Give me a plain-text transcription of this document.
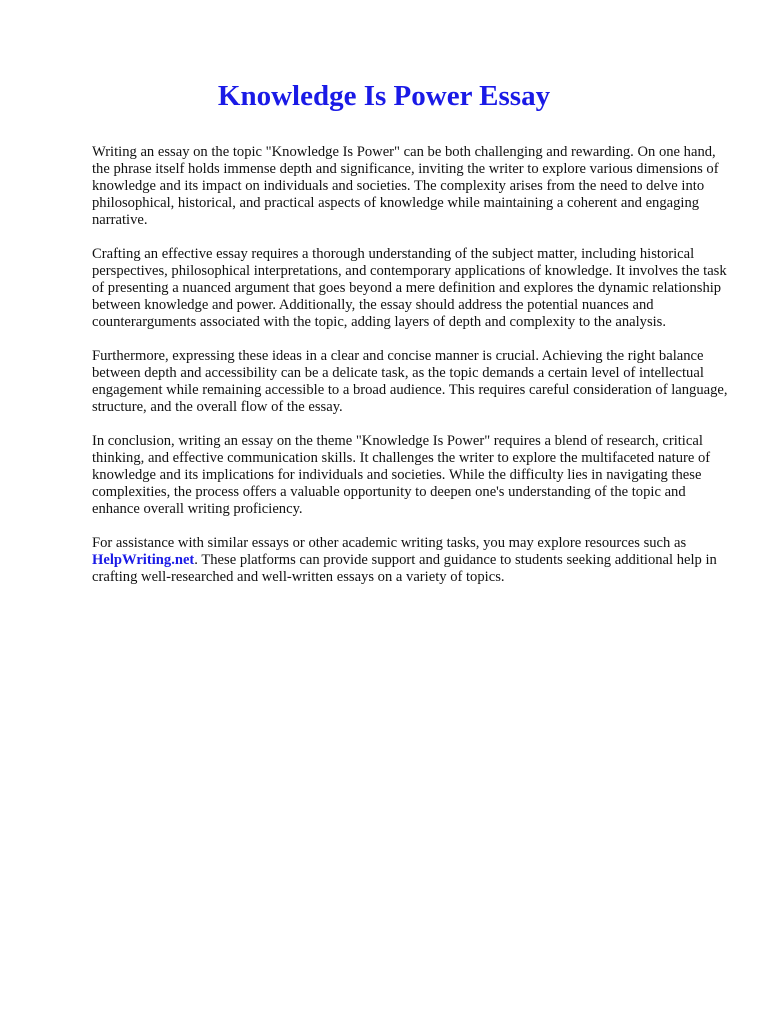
Knowledge Is Power Essay

Writing an essay on the topic "Knowledge Is Power" can be both challenging and rewarding. On one hand, the phrase itself holds immense depth and significance, inviting the writer to explore various dimensions of knowledge and its impact on individuals and societies. The complexity arises from the need to delve into philosophical, historical, and practical aspects of knowledge while maintaining a coherent and engaging narrative.

Crafting an effective essay requires a thorough understanding of the subject matter, including historical perspectives, philosophical interpretations, and contemporary applications of knowledge. It involves the task of presenting a nuanced argument that goes beyond a mere definition and explores the dynamic relationship between knowledge and power. Additionally, the essay should address the potential nuances and counterarguments associated with the topic, adding layers of depth and complexity to the analysis.

Furthermore, expressing these ideas in a clear and concise manner is crucial. Achieving the right balance between depth and accessibility can be a delicate task, as the topic demands a certain level of intellectual engagement while remaining accessible to a broad audience. This requires careful consideration of language, structure, and the overall flow of the essay.

In conclusion, writing an essay on the theme "Knowledge Is Power" requires a blend of research, critical thinking, and effective communication skills. It challenges the writer to explore the multifaceted nature of knowledge and its implications for individuals and societies. While the difficulty lies in navigating these complexities, the process offers a valuable opportunity to deepen one's understanding of the topic and enhance overall writing proficiency.

For assistance with similar essays or other academic writing tasks, you may explore resources such as HelpWriting.net. These platforms can provide support and guidance to students seeking additional help in crafting well-researched and well-written essays on a variety of topics.
